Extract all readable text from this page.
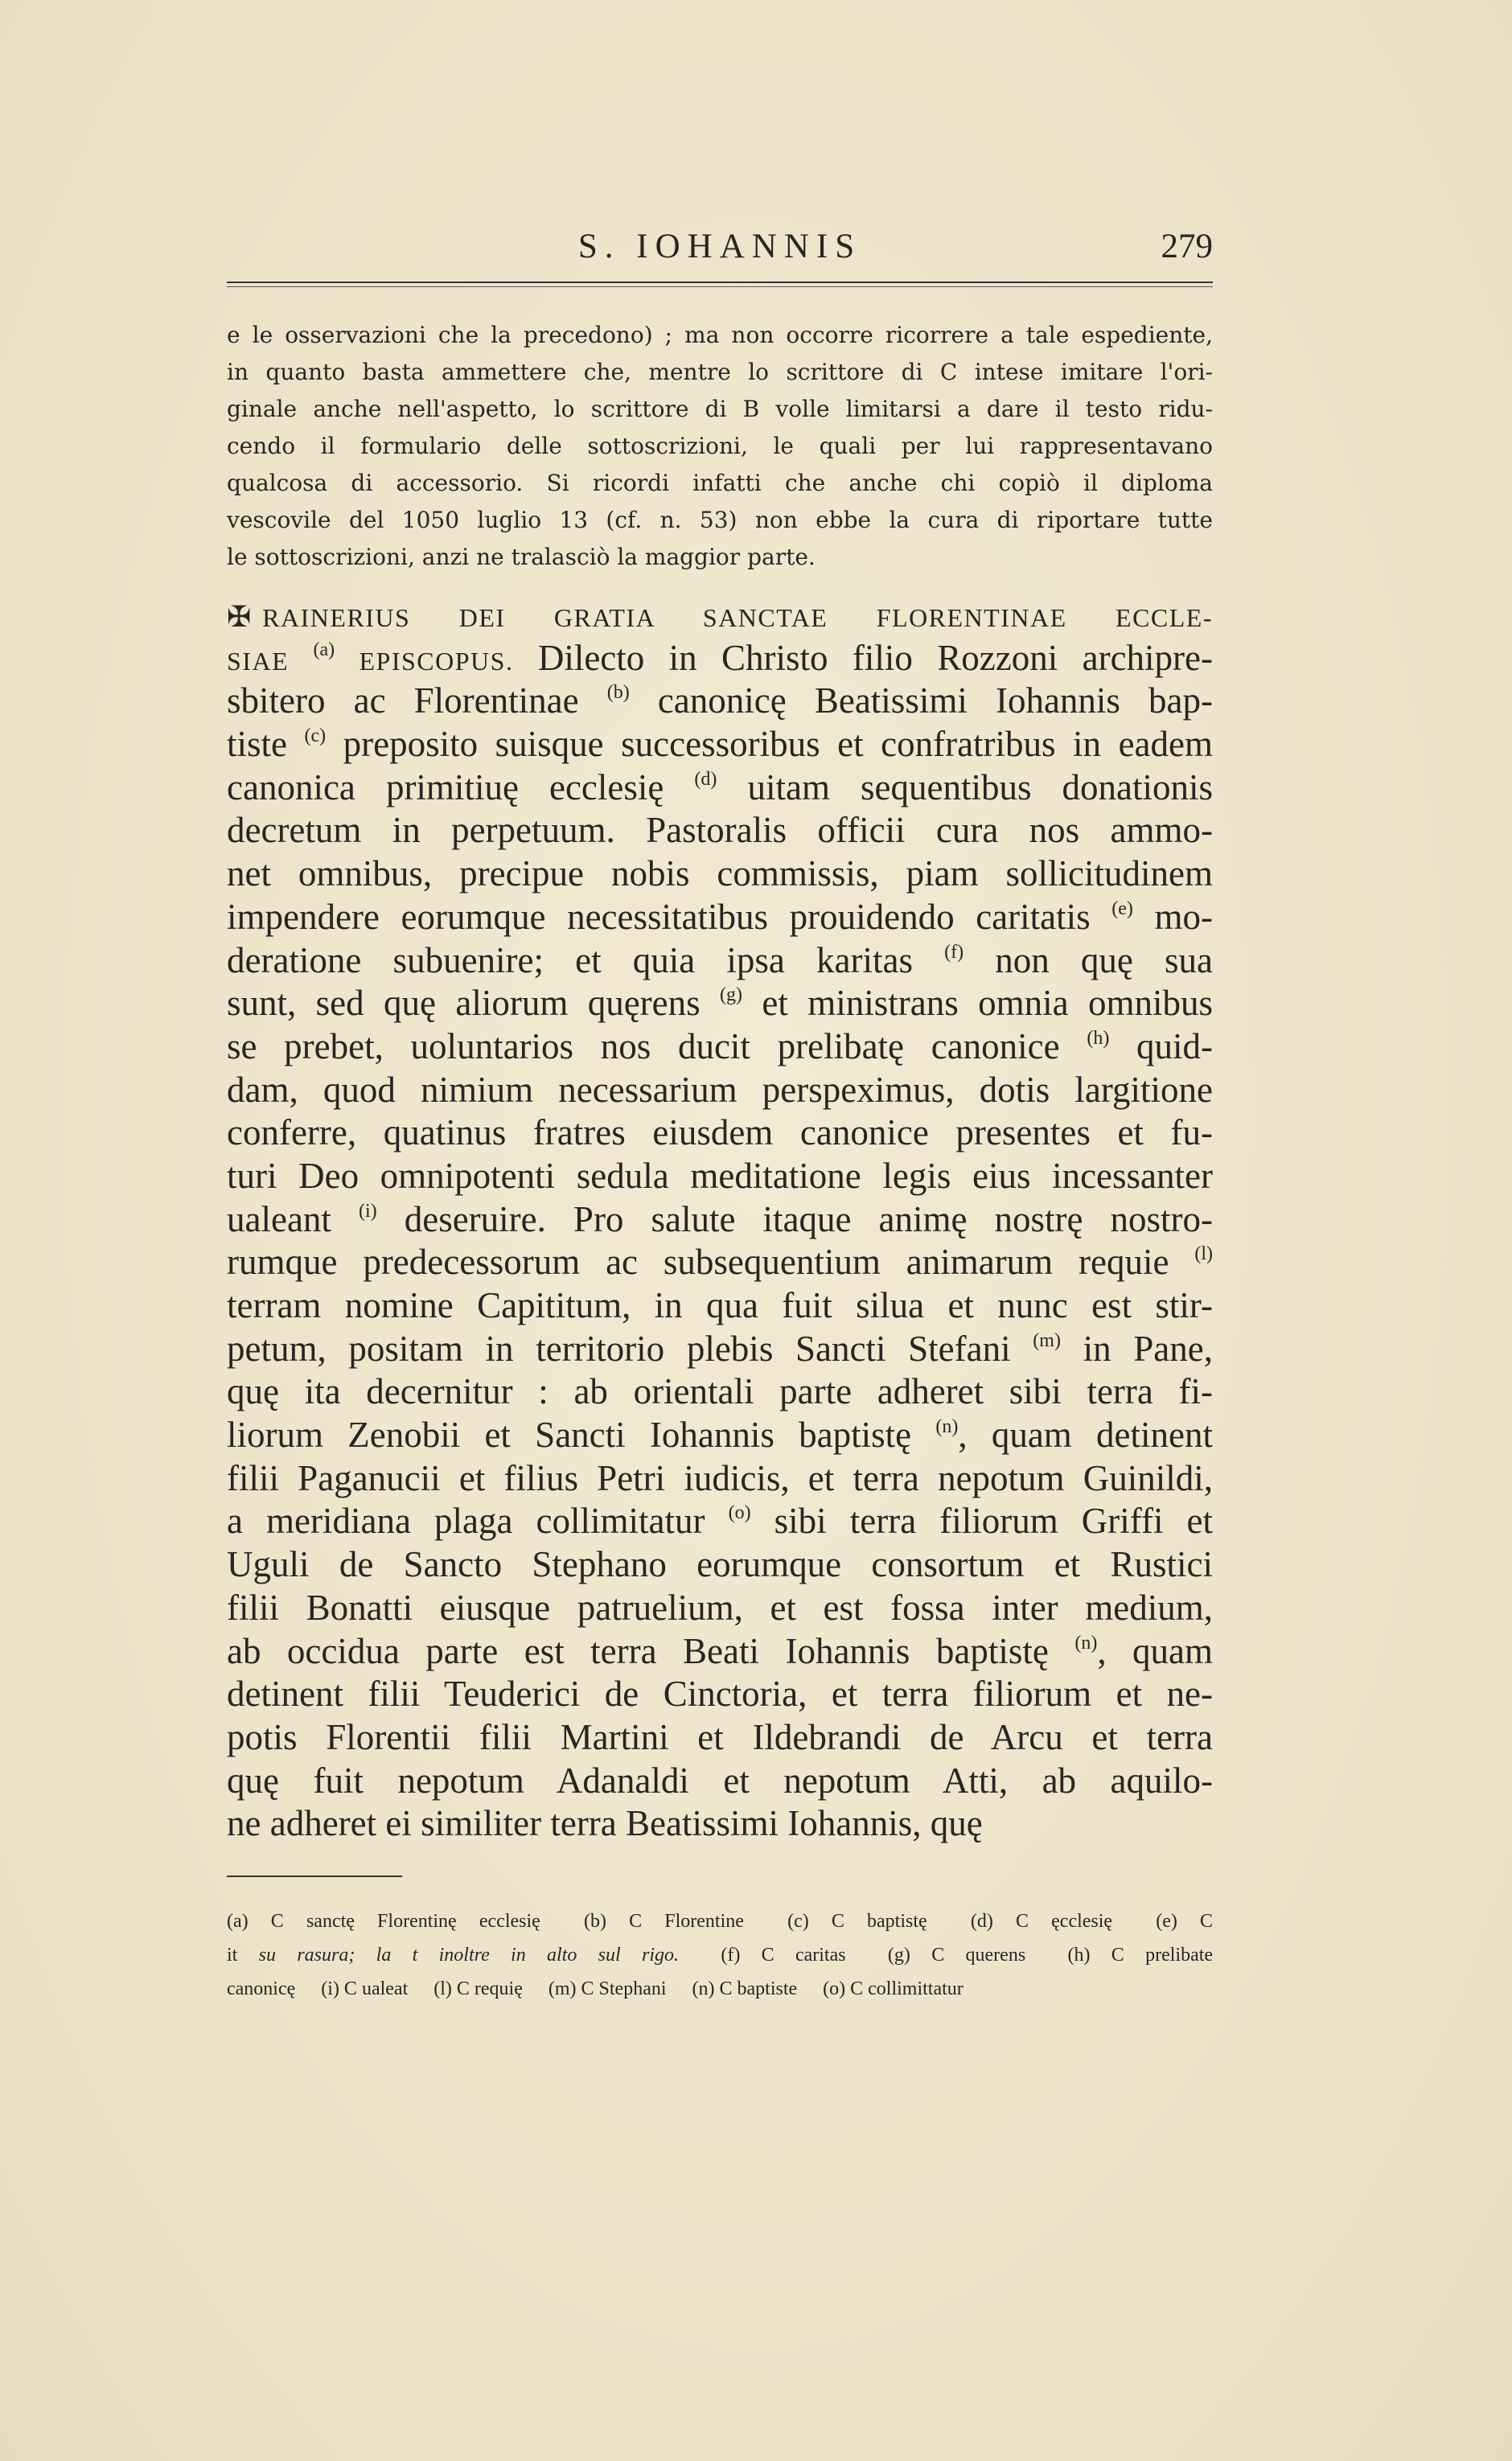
S. IOHANNIS	279
e le osservazioni che la precedono) ; ma non occorre ricorrere a tale espediente,
in quanto basta ammettere che, mentre lo scrittore di C intese imitare l'ori-
ginale anche nell'aspetto, lo scrittore di B volle limitarsi a dare il testo ridu-
cendo il formulario delle sottoscrizioni, le quali per lui rappresentavano
qualcosa di accessorio. Si ricordi infatti che anche chi copiò il diploma
vescovile del 1050 luglio 13 (cf. n. 53) non ebbe la cura di riportare tutte
le sottoscrizioni, anzi ne tralasciò la maggior parte.
✠ RAINERIUS DEI GRATIA SANCTAE FLORENTINAE ECCLE-
SIAE $^{(a)}$ EPISCOPUS. Dilecto in Christo filio Rozzoni archipre-
sbitero ac Florentinae $^{(b)}$ canonicę Beatissimi Iohannis bap-
tiste $^{(c)}$ preposito suisque successoribus et confratribus in eadem
canonica primitiuę ecclesię $^{(d)}$ uitam sequentibus donationis
decretum in perpetuum. Pastoralis officii cura nos ammo-
net omnibus, precipue nobis commissis, piam sollicitudinem
impendere eorumque necessitatibus prouidendo caritatis $^{(e)}$ mo-
deratione subuenire; et quia ipsa karitas $^{(f)}$ non quę sua
sunt, sed quę aliorum quęrens $^{(g)}$ et ministrans omnia omnibus
se prebet, uoluntarios nos ducit prelibatę canonice $^{(h)}$ quid-
dam, quod nimium necessarium perspeximus, dotis largitione
conferre, quatinus fratres eiusdem canonice presentes et fu-
turi Deo omnipotenti sedula meditatione legis eius incessanter
ualeant $^{(i)}$ deseruire. Pro salute itaque animę nostrę nostro-
rumque predecessorum ac subsequentium animarum requie $^{(l)}$
terram nomine Capititum, in qua fuit silua et nunc est stir-
petum, positam in territorio plebis Sancti Stefani $^{(m)}$ in Pane,
quę ita decernitur : ab orientali parte adheret sibi terra fi-
liorum Zenobii et Sancti Iohannis baptistę $^{(n)}$, quam detinent
filii Paganucii et filius Petri iudicis, et terra nepotum Guinildi,
a meridiana plaga collimitatur $^{(o)}$ sibi terra filiorum Griffi et
Uguli de Sancto Stephano eorumque consortum et Rustici
filii Bonatti eiusque patruelium, et est fossa inter medium,
ab occidua parte est terra Beati Iohannis baptistę $^{(n)}$, quam
detinent filii Teuderici de Cinctoria, et terra filiorum et ne-
potis Florentii filii Martini et Ildebrandi de Arcu et terra
quę fuit nepotum Adanaldi et nepotum Atti, ab aquilo-
ne adheret ei similiter terra Beatissimi Iohannis, quę
(a) C sanctę Florentinę ecclesię (b) C Florentine (c) C baptistę (d) C ęcclesię (e) C
it su rasura; la t inoltre in alto sul rigo. (f) C caritas (g) C querens (h) C prelibate
canonicę (i) C ualeat (l) C requię (m) C Stephani (n) C baptiste (o) C collimittatur
